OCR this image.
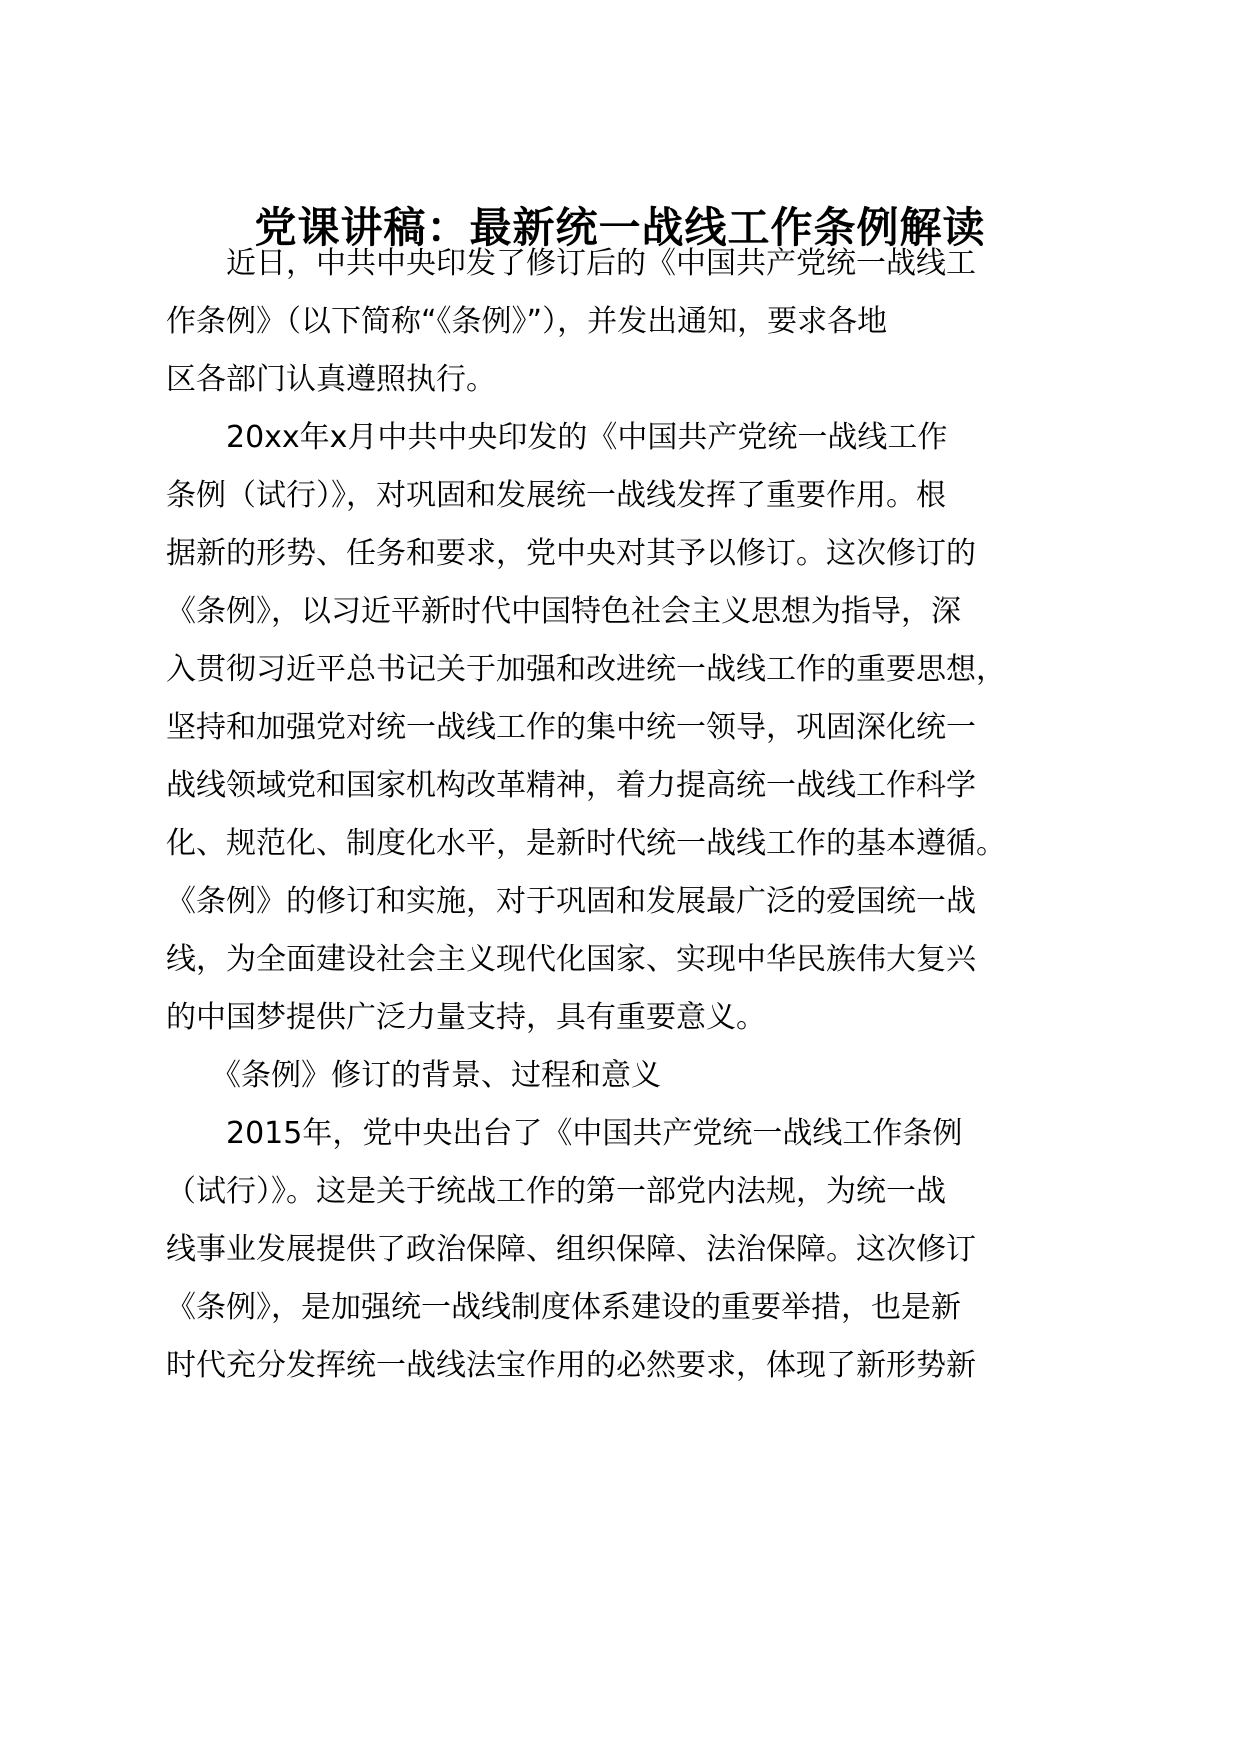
党课讲稿：最新统一战线工作条例解读
　　近日，中共中央印发了修订后的《中国共产党统一战线工
作条例》（以下简称“《条例》”），并发出通知，要求各地
区各部门认真遵照执行。
　　20xx年x月中共中央印发的《中国共产党统一战线工作
条例（试行）》，对巩固和发展统一战线发挥了重要作用。根
据新的形势、任务和要求，党中央对其予以修订。这次修订的
《条例》，以习近平新时代中国特色社会主义思想为指导，深
入贯彻习近平总书记关于加强和改进统一战线工作的重要思想，
坚持和加强党对统一战线工作的集中统一领导，巩固深化统一
战线领域党和国家机构改革精神，着力提高统一战线工作科学
化、规范化、制度化水平，是新时代统一战线工作的基本遵循。
《条例》的修订和实施，对于巩固和发展最广泛的爱国统一战
线，为全面建设社会主义现代化国家、实现中华民族伟大复兴
的中国梦提供广泛力量支持，具有重要意义。
　　《条例》修订的背景、过程和意义
　　2015年，党中央出台了《中国共产党统一战线工作条例
（试行）》。这是关于统战工作的第一部党内法规，为统一战
线事业发展提供了政治保障、组织保障、法治保障。这次修订
《条例》，是加强统一战线制度体系建设的重要举措，也是新
时代充分发挥统一战线法宝作用的必然要求，体现了新形势新
